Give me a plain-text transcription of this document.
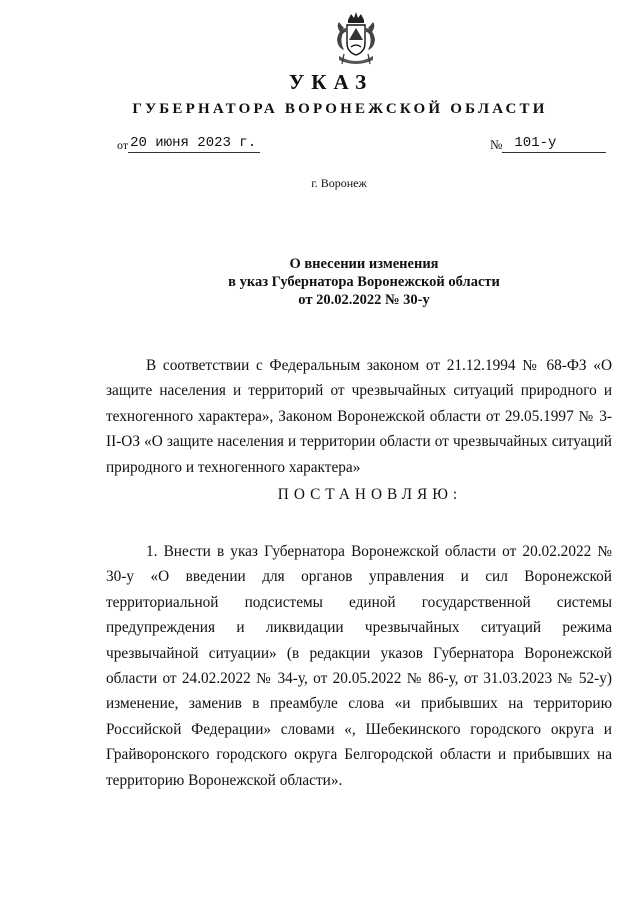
УКАЗ
ГУБЕРНАТОРА ВОРОНЕЖСКОЙ ОБЛАСТИ
от 20 июня 2023 г.	№ 101-у
г. Воронеж
О внесении изменения
в указ Губернатора Воронежской области
от 20.02.2022 № 30-у
В соответствии с Федеральным законом от 21.12.1994 № 68-ФЗ «О защите населения и территорий от чрезвычайных ситуаций природного и техногенного характера», Законом Воронежской области от 29.05.1997 № 3-II-ОЗ «О защите населения и территории области от чрезвычайных ситуаций природного и техногенного характера»
ПОСТАНОВЛЯЮ:
1. Внести в указ Губернатора Воронежской области от 20.02.2022 № 30-у «О введении для органов управления и сил Воронежской территориальной подсистемы единой государственной системы предупреждения и ликвидации чрезвычайных ситуаций режима чрезвычайной ситуации» (в редакции указов Губернатора Воронежской области от 24.02.2022 № 34-у, от 20.05.2022 № 86-у, от 31.03.2023 № 52-у) изменение, заменив в преамбуле слова «и прибывших на территорию Российской Федерации» словами «, Шебекинского городского округа и Грайворонского городского округа Белгородской области и прибывших на территорию Воронежской области».
